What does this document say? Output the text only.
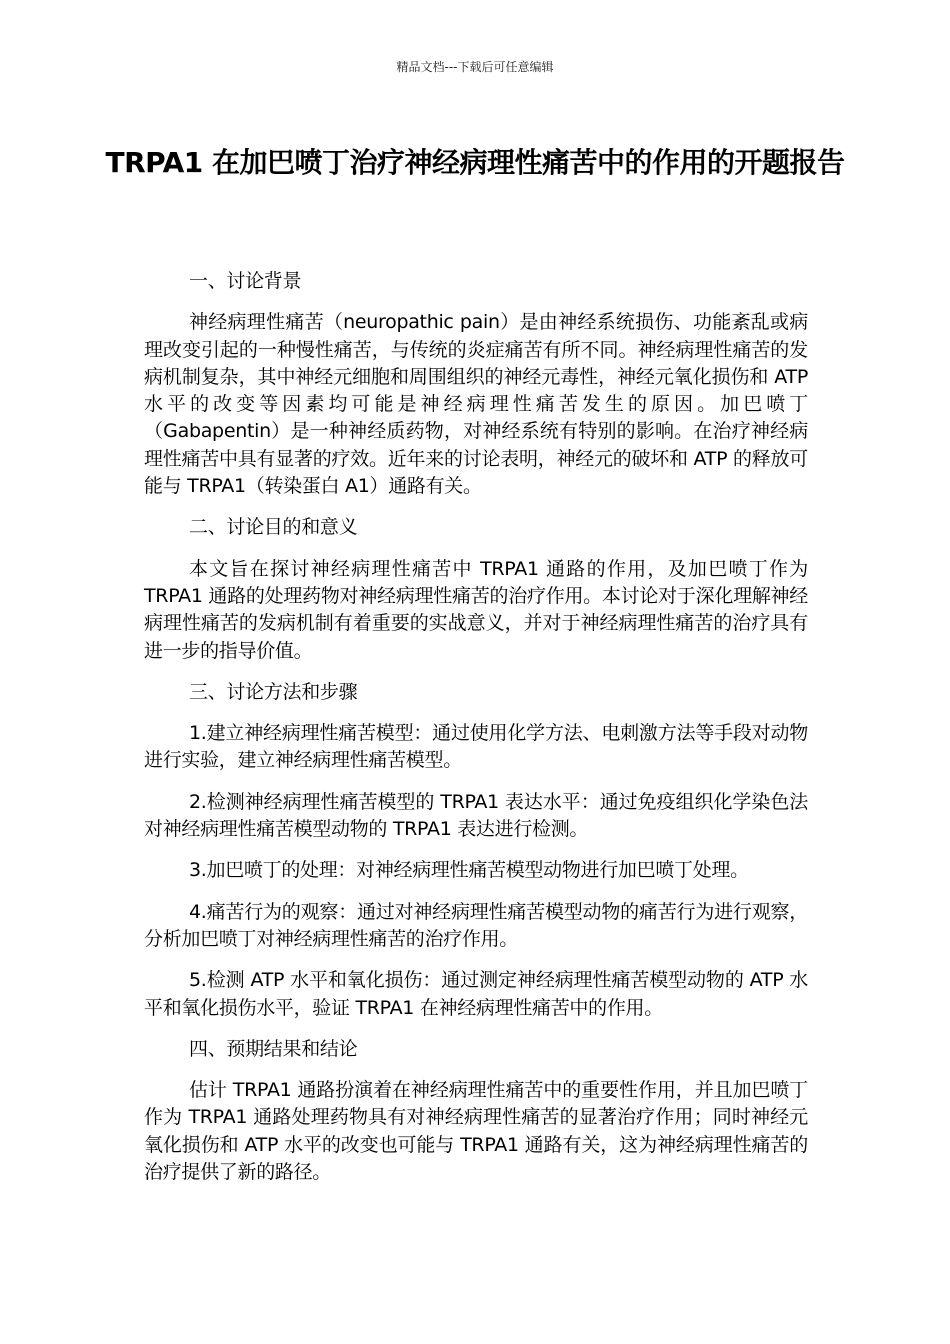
精品文档---下载后可任意编辑
TRPA1 在加巴喷丁治疗神经病理性痛苦中的作用的开题报告

一、讨论背景

神经病理性痛苦（neuropathic pain）是由神经系统损伤、功能紊乱或病理改变引起的一种慢性痛苦，与传统的炎症痛苦有所不同。神经病理性痛苦的发病机制复杂，其中神经元细胞和周围组织的神经元毒性，神经元氧化损伤和 ATP 水平的改变等因素均可能是神经病理性痛苦发生的原因。加巴喷丁（Gabapentin）是一种神经质药物，对神经系统有特别的影响。在治疗神经病理性痛苦中具有显著的疗效。近年来的讨论表明，神经元的破坏和 ATP 的释放可能与 TRPA1（转染蛋白 A1）通路有关。

二、讨论目的和意义

本文旨在探讨神经病理性痛苦中 TRPA1 通路的作用，及加巴喷丁作为 TRPA1 通路的处理药物对神经病理性痛苦的治疗作用。本讨论对于深化理解神经病理性痛苦的发病机制有着重要的实战意义，并对于神经病理性痛苦的治疗具有进一步的指导价值。

三、讨论方法和步骤

1.建立神经病理性痛苦模型：通过使用化学方法、电刺激方法等手段对动物进行实验，建立神经病理性痛苦模型。

2.检测神经病理性痛苦模型的 TRPA1 表达水平：通过免疫组织化学染色法对神经病理性痛苦模型动物的 TRPA1 表达进行检测。

3.加巴喷丁的处理：对神经病理性痛苦模型动物进行加巴喷丁处理。

4.痛苦行为的观察：通过对神经病理性痛苦模型动物的痛苦行为进行观察，分析加巴喷丁对神经病理性痛苦的治疗作用。

5.检测 ATP 水平和氧化损伤：通过测定神经病理性痛苦模型动物的 ATP 水平和氧化损伤水平，验证 TRPA1 在神经病理性痛苦中的作用。

四、预期结果和结论

估计 TRPA1 通路扮演着在神经病理性痛苦中的重要性作用，并且加巴喷丁作为 TRPA1 通路处理药物具有对神经病理性痛苦的显著治疗作用；同时神经元氧化损伤和 ATP 水平的改变也可能与 TRPA1 通路有关，这为神经病理性痛苦的治疗提供了新的路径。
